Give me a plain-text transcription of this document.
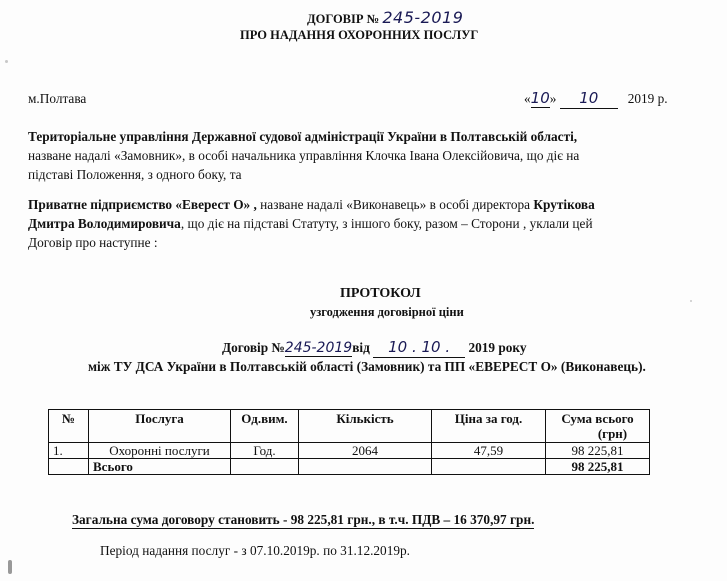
ДОГОВІР № 245-2019
ПРО НАДАННЯ ОХОРОННИХ ПОСЛУГ
м.Полтава	«10» 10 2019 р.
Територіальне управління Державної судової адміністрації України в Полтавській області,
назване надалі «Замовник», в особі начальника управління Клочка Івана Олексійовича, що діє на
підставі Положення, з одного боку, та
Приватне підприємство «Еверест О» , назване надалі «Виконавець» в особі директора Крутікова
Дмитра Володимировича, що діє на підставі Статуту, з іншого боку, разом – Сторони , уклали цей
Договір про наступне :
ПРОТОКОЛ
узгодження договірної ціни
Договір №245-2019від 10 . 10 . 2019 року
між ТУ ДСА України в Полтавській області (Замовник) та ПП «ЕВЕРЕСТ О» (Виконавець).
№	Послуга	Од.вим.	Кількість	Ціна за год.	Сума всього
(грн)

1.	Охоронні послуги	Год.	2064	47,59	98 225,81
	Всього				98 225,81
Загальна сума договору становить - 98 225,81 грн., в т.ч. ПДВ – 16 370,97 грн.
Період надання послуг - з 07.10.2019р. по 31.12.2019р.
